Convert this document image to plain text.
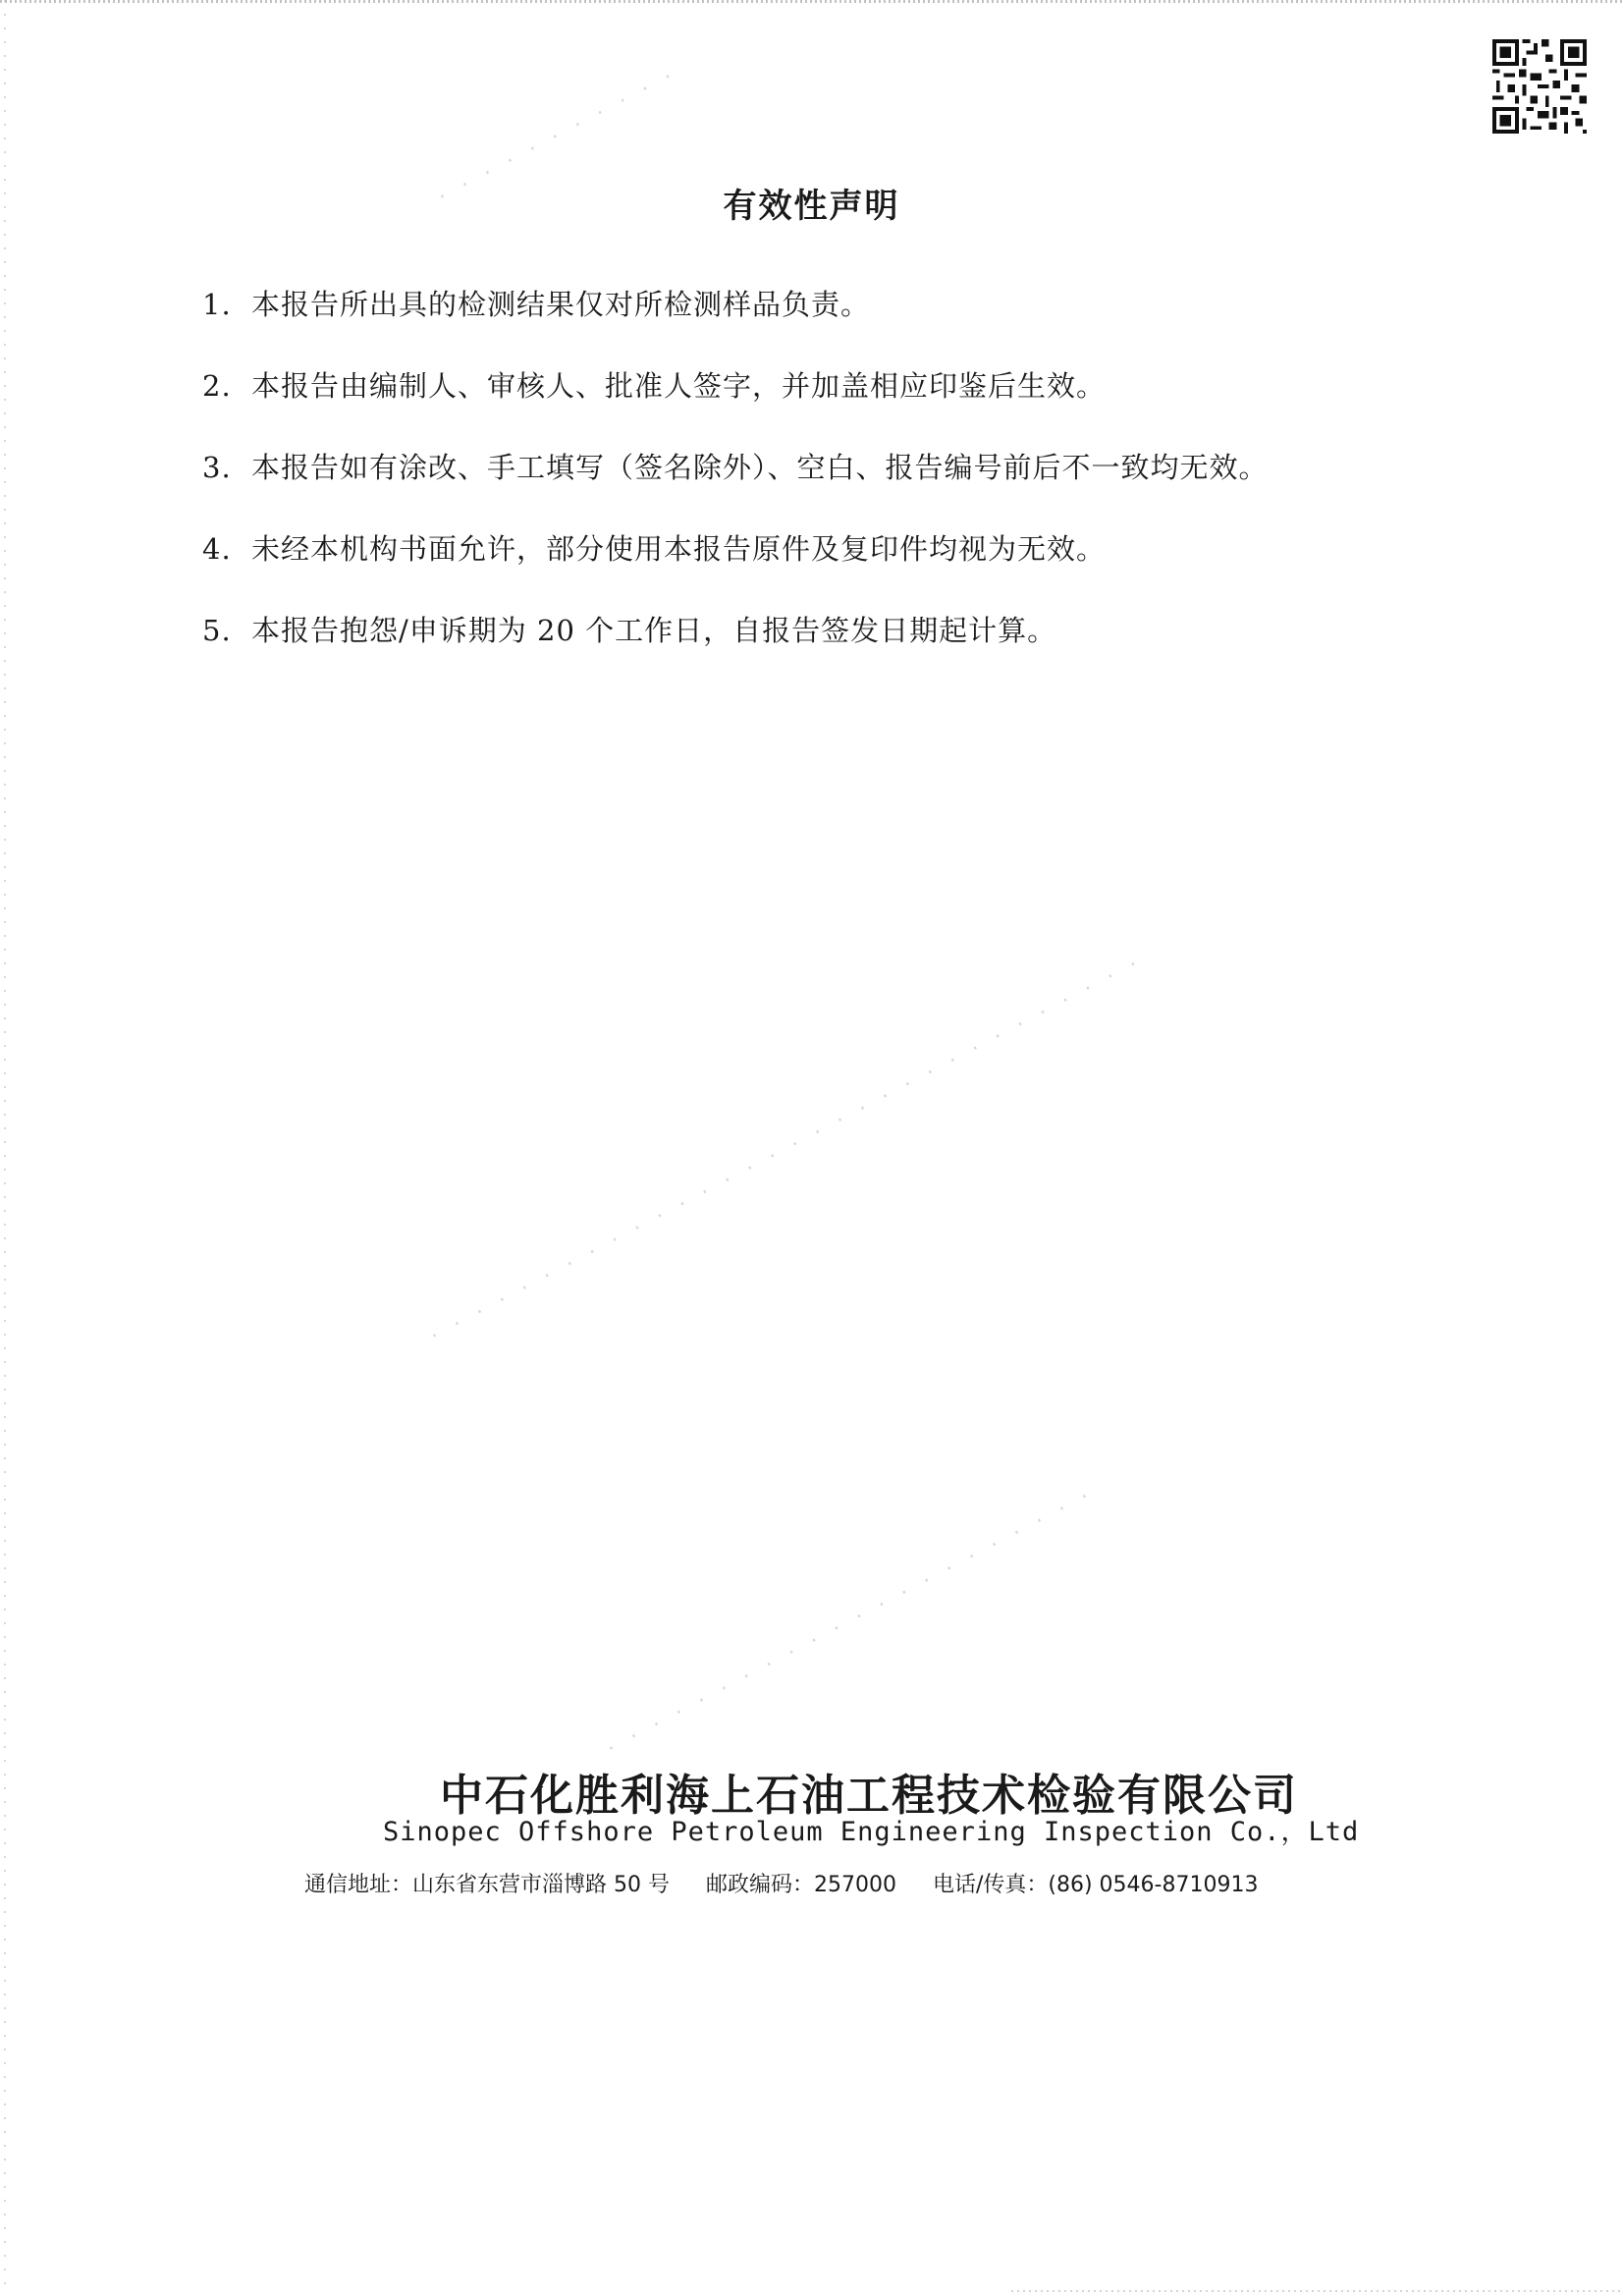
· · · · · · · · · · ·
· · · · · · · · · · · · · · · · · · · · · · · · · · · · · · · ·
· · · · · · · · · · · · · · · · · · · · · ·
有效性声明
1. 本报告所出具的检测结果仅对所检测样品负责。
2. 本报告由编制人、审核人、批准人签字，并加盖相应印鉴后生效。
3. 本报告如有涂改、手工填写（签名除外）、空白、报告编号前后不一致均无效。
4. 未经本机构书面允许，部分使用本报告原件及复印件均视为无效。
5. 本报告抱怨/申诉期为 20 个工作日，自报告签发日期起计算。
中石化胜利海上石油工程技术检验有限公司
Sinopec Offshore Petroleum Engineering Inspection Co.，Ltd
通信地址：山东省东营市淄博路 50 号 邮政编码：257000 电话/传真：(86) 0546-8710913
